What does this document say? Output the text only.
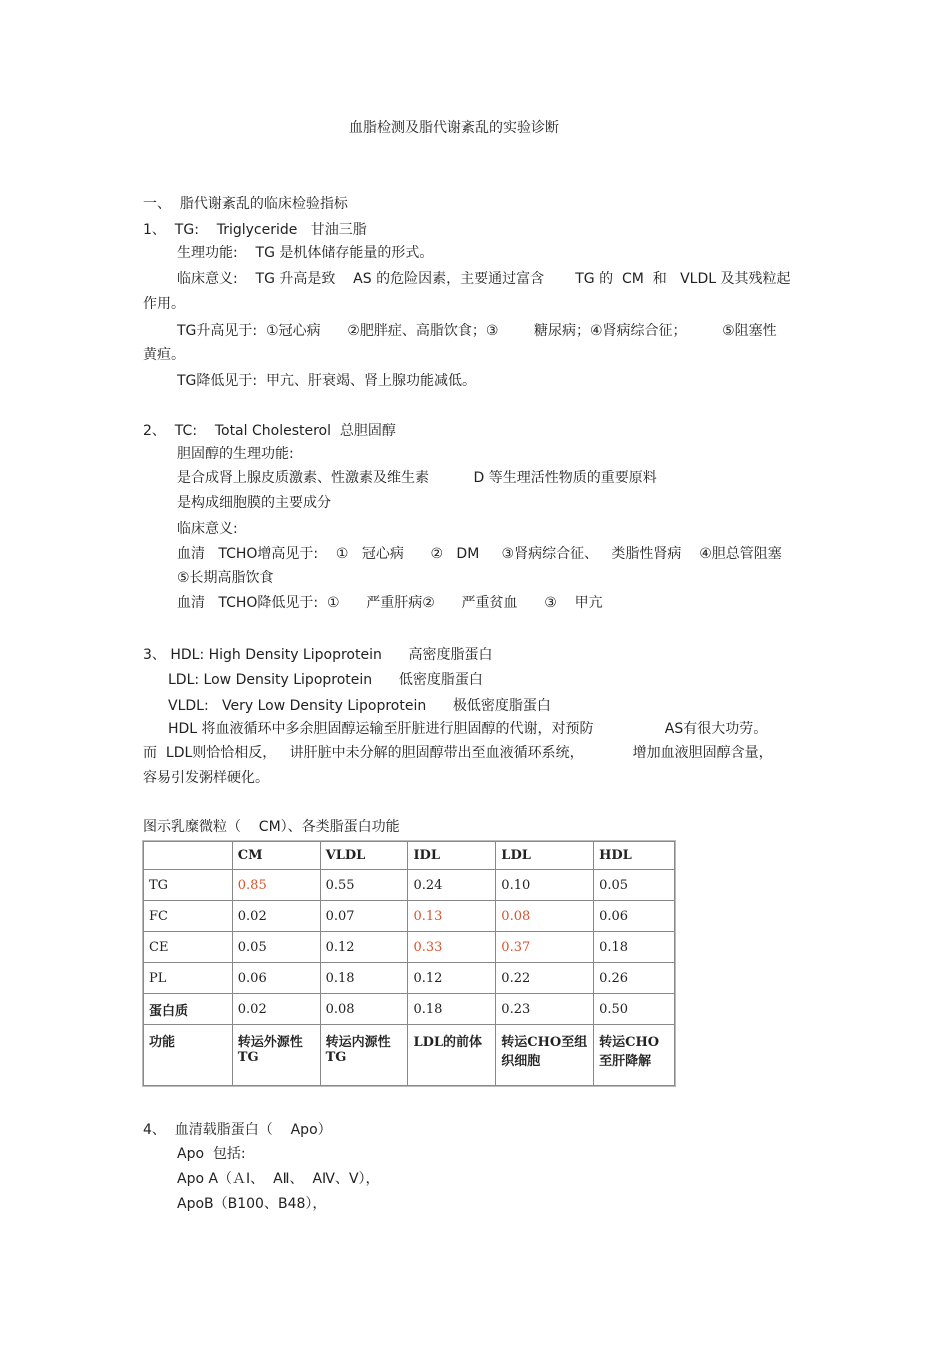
血脂检测及脂代谢紊乱的实验诊断
一、  脂代谢紊乱的临床检验指标
1、  TG:    Triglyceride   甘油三脂
生理功能:    TG 是机体储存能量的形式。
临床意义:    TG 升高是致    AS 的危险因素，主要通过富含       TG 的  CM  和   VLDL 及其残粒起
作用。
TG升高见于:  ①冠心病      ②肥胖症、高脂饮食；③        糖尿病；④肾病综合征；        ⑤阻塞性
黄疸。
TG降低见于:  甲亢、肝衰竭、肾上腺功能减低。
2、  TC:    Total Cholesterol  总胆固醇
胆固醇的生理功能:
是合成肾上腺皮质激素、性激素及维生素          D 等生理活性物质的重要原料
是构成细胞膜的主要成分
临床意义:
血清   TCHO增高见于:    ①   冠心病      ②   DM     ③肾病综合征、   类脂性肾病    ④胆总管阻塞
⑤长期高脂饮食
血清   TCHO降低见于:  ①      严重肝病②      严重贫血      ③    甲亢
3、 HDL: High Density Lipoprotein      高密度脂蛋白
LDL: Low Density Lipoprotein      低密度脂蛋白
VLDL:   Very Low Density Lipoprotein      极低密度脂蛋白
HDL 将血液循环中多余胆固醇运输至肝脏进行胆固醇的代谢，对预防                AS有很大功劳。
而  LDL则恰恰相反，   讲肝脏中未分解的胆固醇带出至血液循环系统，           增加血液胆固醇含量，
容易引发粥样硬化。
图示乳糜微粒（    CM）、各类脂蛋白功能
	CM	VLDL	IDL	LDL	HDL
TG	0.85	0.55	0.24	0.10	0.05
FC	0.02	0.07	0.13	0.08	0.06
CE	0.05	0.12	0.33	0.37	0.18
PL	0.06	0.18	0.12	0.22	0.26
蛋白质	0.02	0.08	0.18	0.23	0.50
功能	转运外源性TG	转运内源性TG	LDL的前体	转运CHO至组织细胞	转运CHO至肝降解
4、  血清载脂蛋白（    Apo）
Apo  包括:
Apo A（ＡⅠ、  AⅡ、  AⅣ、Ⅴ），
ApoB（B100、B48），
